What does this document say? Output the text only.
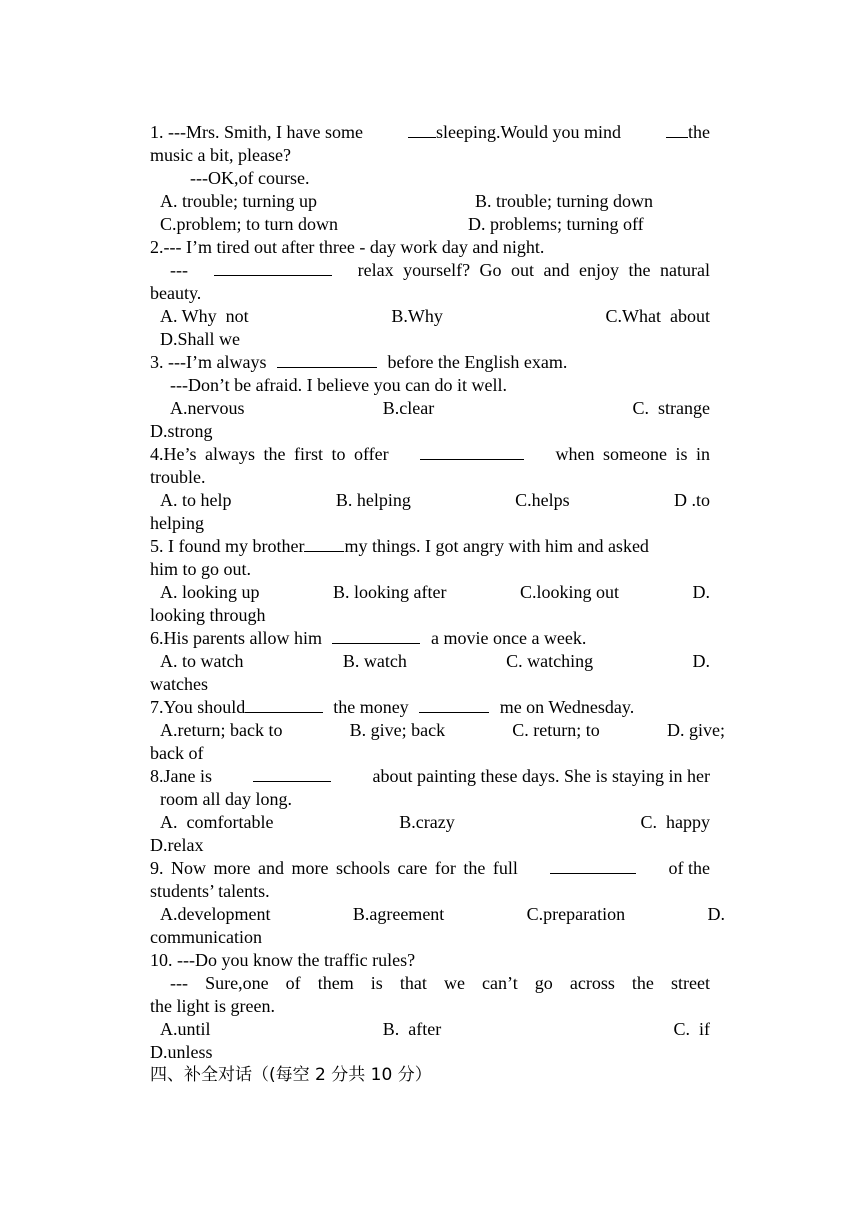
1. ---Mrs. Smith, I have some	sleeping.Would you mind	the
music a bit, please?
---OK,of course.
A. trouble; turning up	B. trouble; turning down
C.problem; to turn down	D. problems; turning off
2.--- I’m tired out after three - day work day and night.
---	relax yourself? Go out and enjoy the natural
beauty.
A. Why  not	B.Why	C.What  about
D.Shall we
3. ---I’m always	before the English exam.
---Don’t be afraid. I believe you can do it well.
A.nervous	B.clear	C.  strange
D.strong
4.He’s always the first to offer	when someone is in
trouble.
A. to help	B. helping	C.helps	D .to
helping
5. I found my brother my things. I got angry with him and asked
him to go out.
A. looking up	B. looking after	C.looking out	D.
looking through
6.His parents allow him	a movie once a week.
A. to watch	B. watch	C. watching	D.
watches
7.You should	the money	me on Wednesday.
A.return; back to	B. give; back	C. return; to	D. give;
back of
8.Jane is	about painting these days. She is staying in her
room all day long.
A.  comfortable	B.crazy	C.  happy
D.relax
9. Now more and more schools care for the full	of the
students’ talents.
A.development	B.agreement	C.preparation	D.
communication
10. ---Do you know the traffic rules?
--- Sure,one of them is that we can’t go across the street
the light is green.
A.until	B.  after	C.  if
D.unless
四、补全对话（(每空 2 分共 10 分）
